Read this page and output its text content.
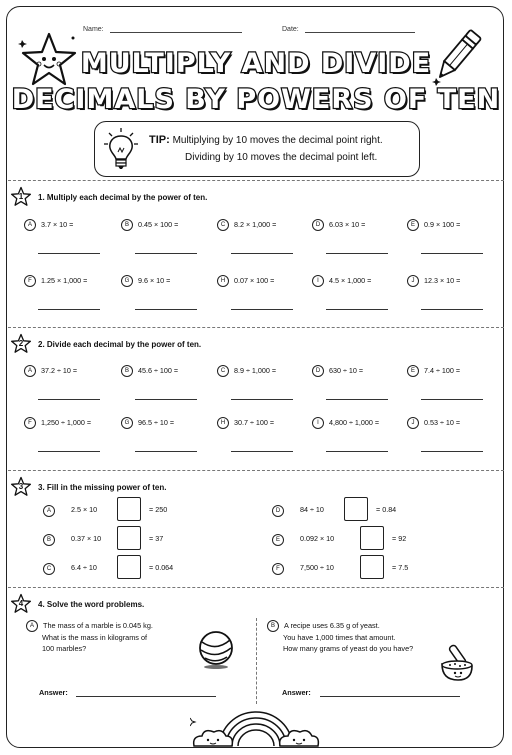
Name:	Date:
MULTIPLY AND DIVIDE
DECIMALS BY POWERS OF TEN
TIP: Multiplying by 10 moves the decimal point right.
Dividing by 10 moves the decimal point left.
1	1. Multiply each decimal by the power of ten.
2	2. Divide each decimal by the power of ten.
3	3. Fill in the missing power of ten.
4	4. Solve the word problems.
A 3.7 × 10 =	B 0.45 × 100 =	C 8.2 × 1,000 =	D 6.03 × 10 =	E 0.9 × 100 =
F 1.25 × 1,000 =	G 9.6 × 10 =	H 0.07 × 100 =	I 4.5 × 1,000 =	J 12.3 × 10 =
A 37.2 ÷ 10 =	B 45.6 ÷ 100 =	C 8.9 ÷ 1,000 =	D 630 ÷ 10 =	E 7.4 ÷ 100 =
F 1,250 ÷ 1,000 =	G 96.5 ÷ 10 =	H 30.7 ÷ 100 =	I 4,800 ÷ 1,000 =	J 0.53 ÷ 10 =
A	2.5 × 10	= 250
B	0.37 × 10	= 37
C	6.4 ÷ 10	= 0.064
D	84 ÷ 10	= 0.84
E	0.092 × 10	= 92
F	7,500 ÷ 10	= 7.5
A The mass of a marble is 0.045 kg.
What is the mass in kilograms of
100 marbles?
Answer:
B A recipe uses 6.35 g of yeast.
You have 1,000 times that amount.
How many grams of yeast do you have?
Answer:
